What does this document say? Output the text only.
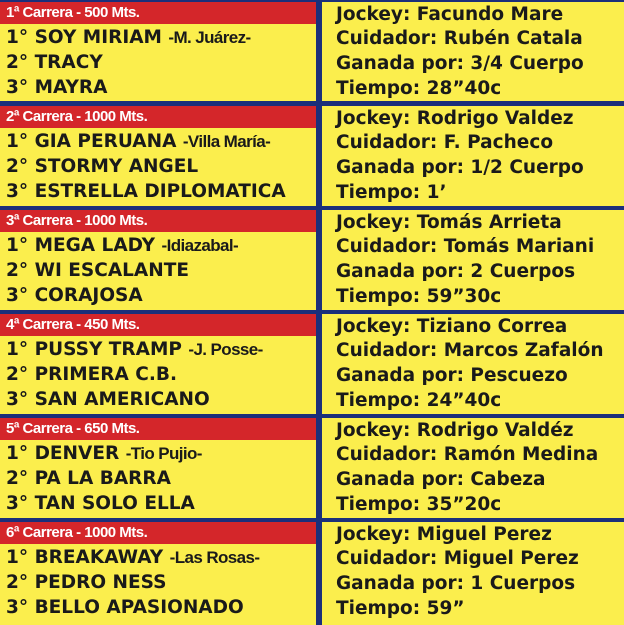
1ª Carrera - 500 Mts.
1° SOY MIRIAM -M. Juárez-
2° TRACY
3° MAYRA
Jockey: Facundo Mare
Cuidador: Rubén Catala
Ganada por: 3/4 Cuerpo
Tiempo: 28”40c
2ª Carrera - 1000 Mts.
1° GIA PERUANA -Villa María-
2° STORMY ANGEL
3° ESTRELLA DIPLOMATICA
Jockey: Rodrigo Valdez
Cuidador: F. Pacheco
Ganada por: 1/2 Cuerpo
Tiempo: 1’
3ª Carrera - 1000 Mts.
1° MEGA LADY -Idiazabal-
2° WI ESCALANTE
3° CORAJOSA
Jockey: Tomás Arrieta
Cuidador: Tomás Mariani
Ganada por: 2 Cuerpos
Tiempo: 59”30c
4ª Carrera - 450 Mts.
1° PUSSY TRAMP -J. Posse-
2° PRIMERA C.B.
3° SAN AMERICANO
Jockey: Tiziano Correa
Cuidador: Marcos Zafalón
Ganada por: Pescuezo
Tiempo: 24”40c
5ª Carrera - 650 Mts.
1° DENVER -Tio Pujio-
2° PA LA BARRA
3° TAN SOLO ELLA
Jockey: Rodrigo Valdéz
Cuidador: Ramón Medina
Ganada por: Cabeza
Tiempo: 35”20c
6ª Carrera - 1000 Mts.
1° BREAKAWAY -Las Rosas-
2° PEDRO NESS
3° BELLO APASIONADO
Jockey: Miguel Perez
Cuidador: Miguel Perez
Ganada por: 1 Cuerpos
Tiempo: 59”
